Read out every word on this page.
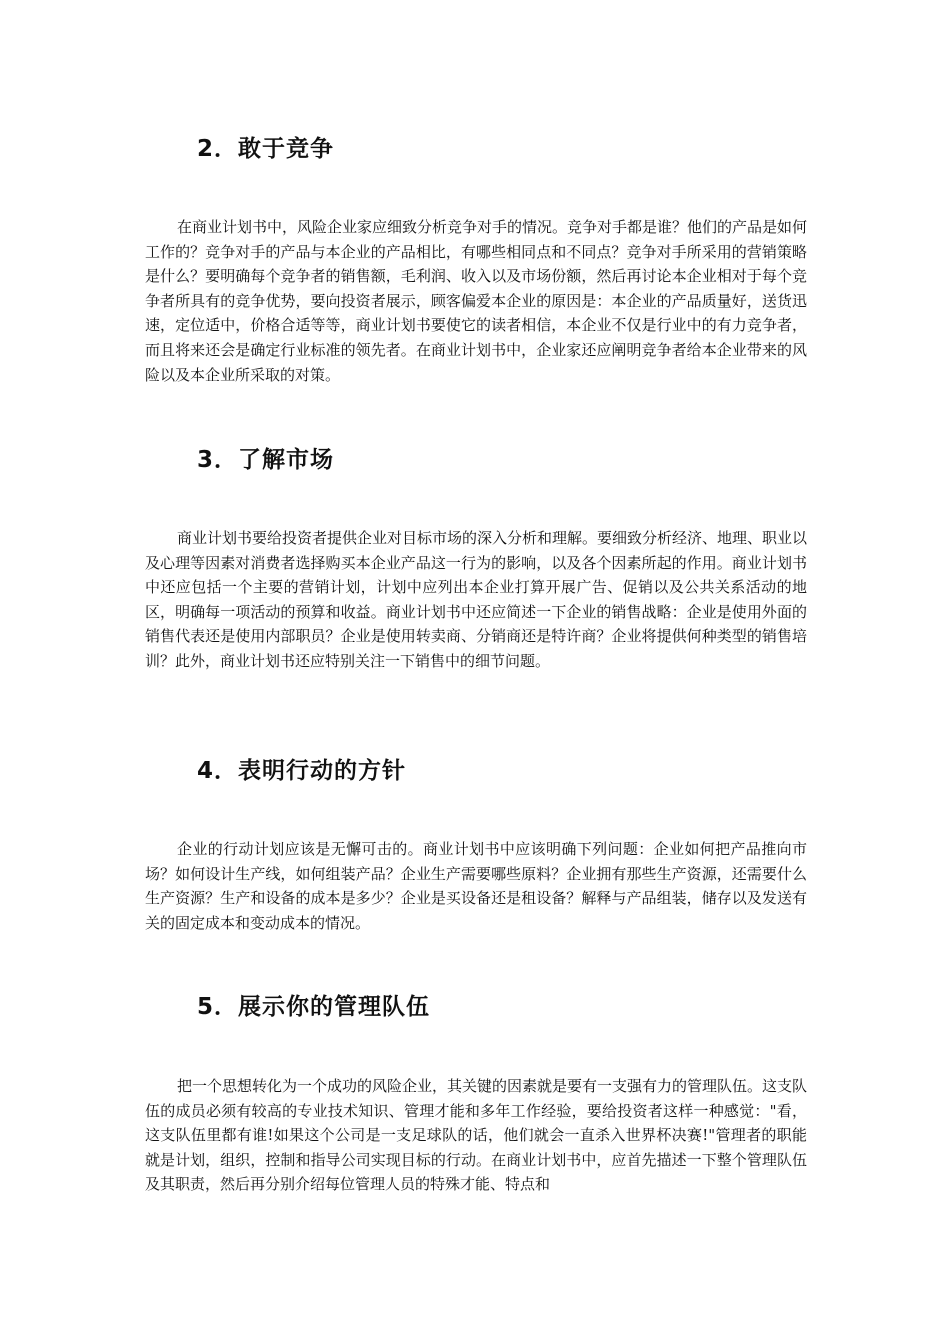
2．敢于竞争

在商业计划书中，风险企业家应细致分析竞争对手的情况。竞争对手都是谁？他们的产品是如何工作的？竞争对手的产品与本企业的产品相比，有哪些相同点和不同点？竞争对手所采用的营销策略是什么？要明确每个竞争者的销售额，毛利润、收入以及市场份额，然后再讨论本企业相对于每个竞争者所具有的竞争优势，要向投资者展示，顾客偏爱本企业的原因是：本企业的产品质量好，送货迅速，定位适中，价格合适等等，商业计划书要使它的读者相信，本企业不仅是行业中的有力竞争者，而且将来还会是确定行业标准的领先者。在商业计划书中，企业家还应阐明竞争者给本企业带来的风险以及本企业所采取的对策。

3．了解市场

商业计划书要给投资者提供企业对目标市场的深入分析和理解。要细致分析经济、地理、职业以及心理等因素对消费者选择购买本企业产品这一行为的影响，以及各个因素所起的作用。商业计划书中还应包括一个主要的营销计划，计划中应列出本企业打算开展广告、促销以及公共关系活动的地区，明确每一项活动的预算和收益。商业计划书中还应简述一下企业的销售战略：企业是使用外面的销售代表还是使用内部职员？企业是使用转卖商、分销商还是特许商？企业将提供何种类型的销售培训？此外，商业计划书还应特别关注一下销售中的细节问题。

4．表明行动的方针

企业的行动计划应该是无懈可击的。商业计划书中应该明确下列问题：企业如何把产品推向市场？如何设计生产线，如何组装产品？企业生产需要哪些原料？企业拥有那些生产资源，还需要什么生产资源？生产和设备的成本是多少？企业是买设备还是租设备？解释与产品组装，储存以及发送有关的固定成本和变动成本的情况。

5．展示你的管理队伍

把一个思想转化为一个成功的风险企业，其关键的因素就是要有一支强有力的管理队伍。这支队伍的成员必须有较高的专业技术知识、管理才能和多年工作经验，要给投资者这样一种感觉："看，这支队伍里都有谁!如果这个公司是一支足球队的话，他们就会一直杀入世界杯决赛!"管理者的职能就是计划，组织，控制和指导公司实现目标的行动。在商业计划书中，应首先描述一下整个管理队伍及其职责，然后再分别介绍每位管理人员的特殊才能、特点和
